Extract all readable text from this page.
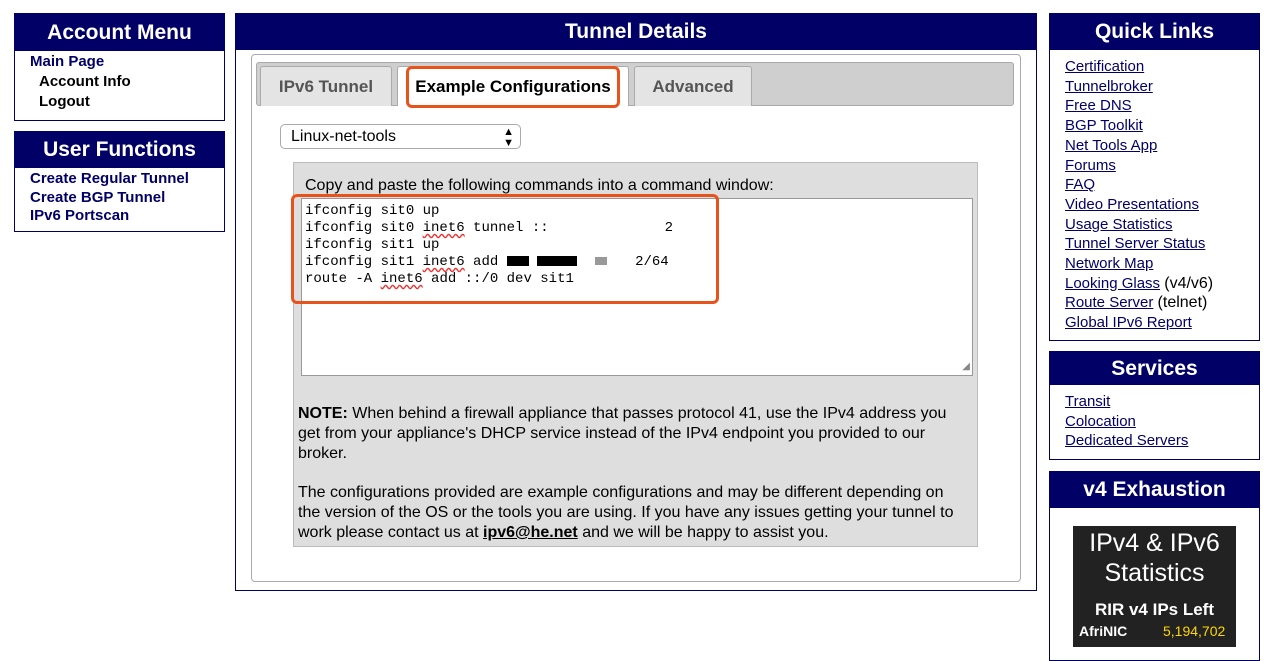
Account Menu
Main Page
Account Info
Logout
User Functions
Create Regular Tunnel
Create BGP Tunnel
IPv6 Portscan
Tunnel Details
IPv6 Tunnel	Example Configurations	Advanced
Linux-net-tools	▲
▼
Copy and paste the following commands into a command window:
ifconfig sit0 up
ifconfig sit0 inet6 tunnel ::	2
ifconfig sit1 up
ifconfig sit1 inet6 add	2/64
route -A inet6 add ::/0 dev sit1
◢
NOTE: When behind a firewall appliance that passes protocol 41, use the IPv4 address you get from your appliance's DHCP service instead of the IPv4 endpoint you provided to our broker.
The configurations provided are example configurations and may be different depending on the version of the OS or the tools you are using. If you have any issues getting your tunnel to work please contact us at ipv6@he.net and we will be happy to assist you.
Quick Links
Certification
Tunnelbroker
Free DNS
BGP Toolkit
Net Tools App
Forums
FAQ
Video Presentations
Usage Statistics
Tunnel Server Status
Network Map
Looking Glass (v4/v6)
Route Server (telnet)
Global IPv6 Report
Services
Transit
Colocation
Dedicated Servers
v4 Exhaustion
IPv4 & IPv6
Statistics
RIR v4 IPs Left
AfriNIC	5,194,702
